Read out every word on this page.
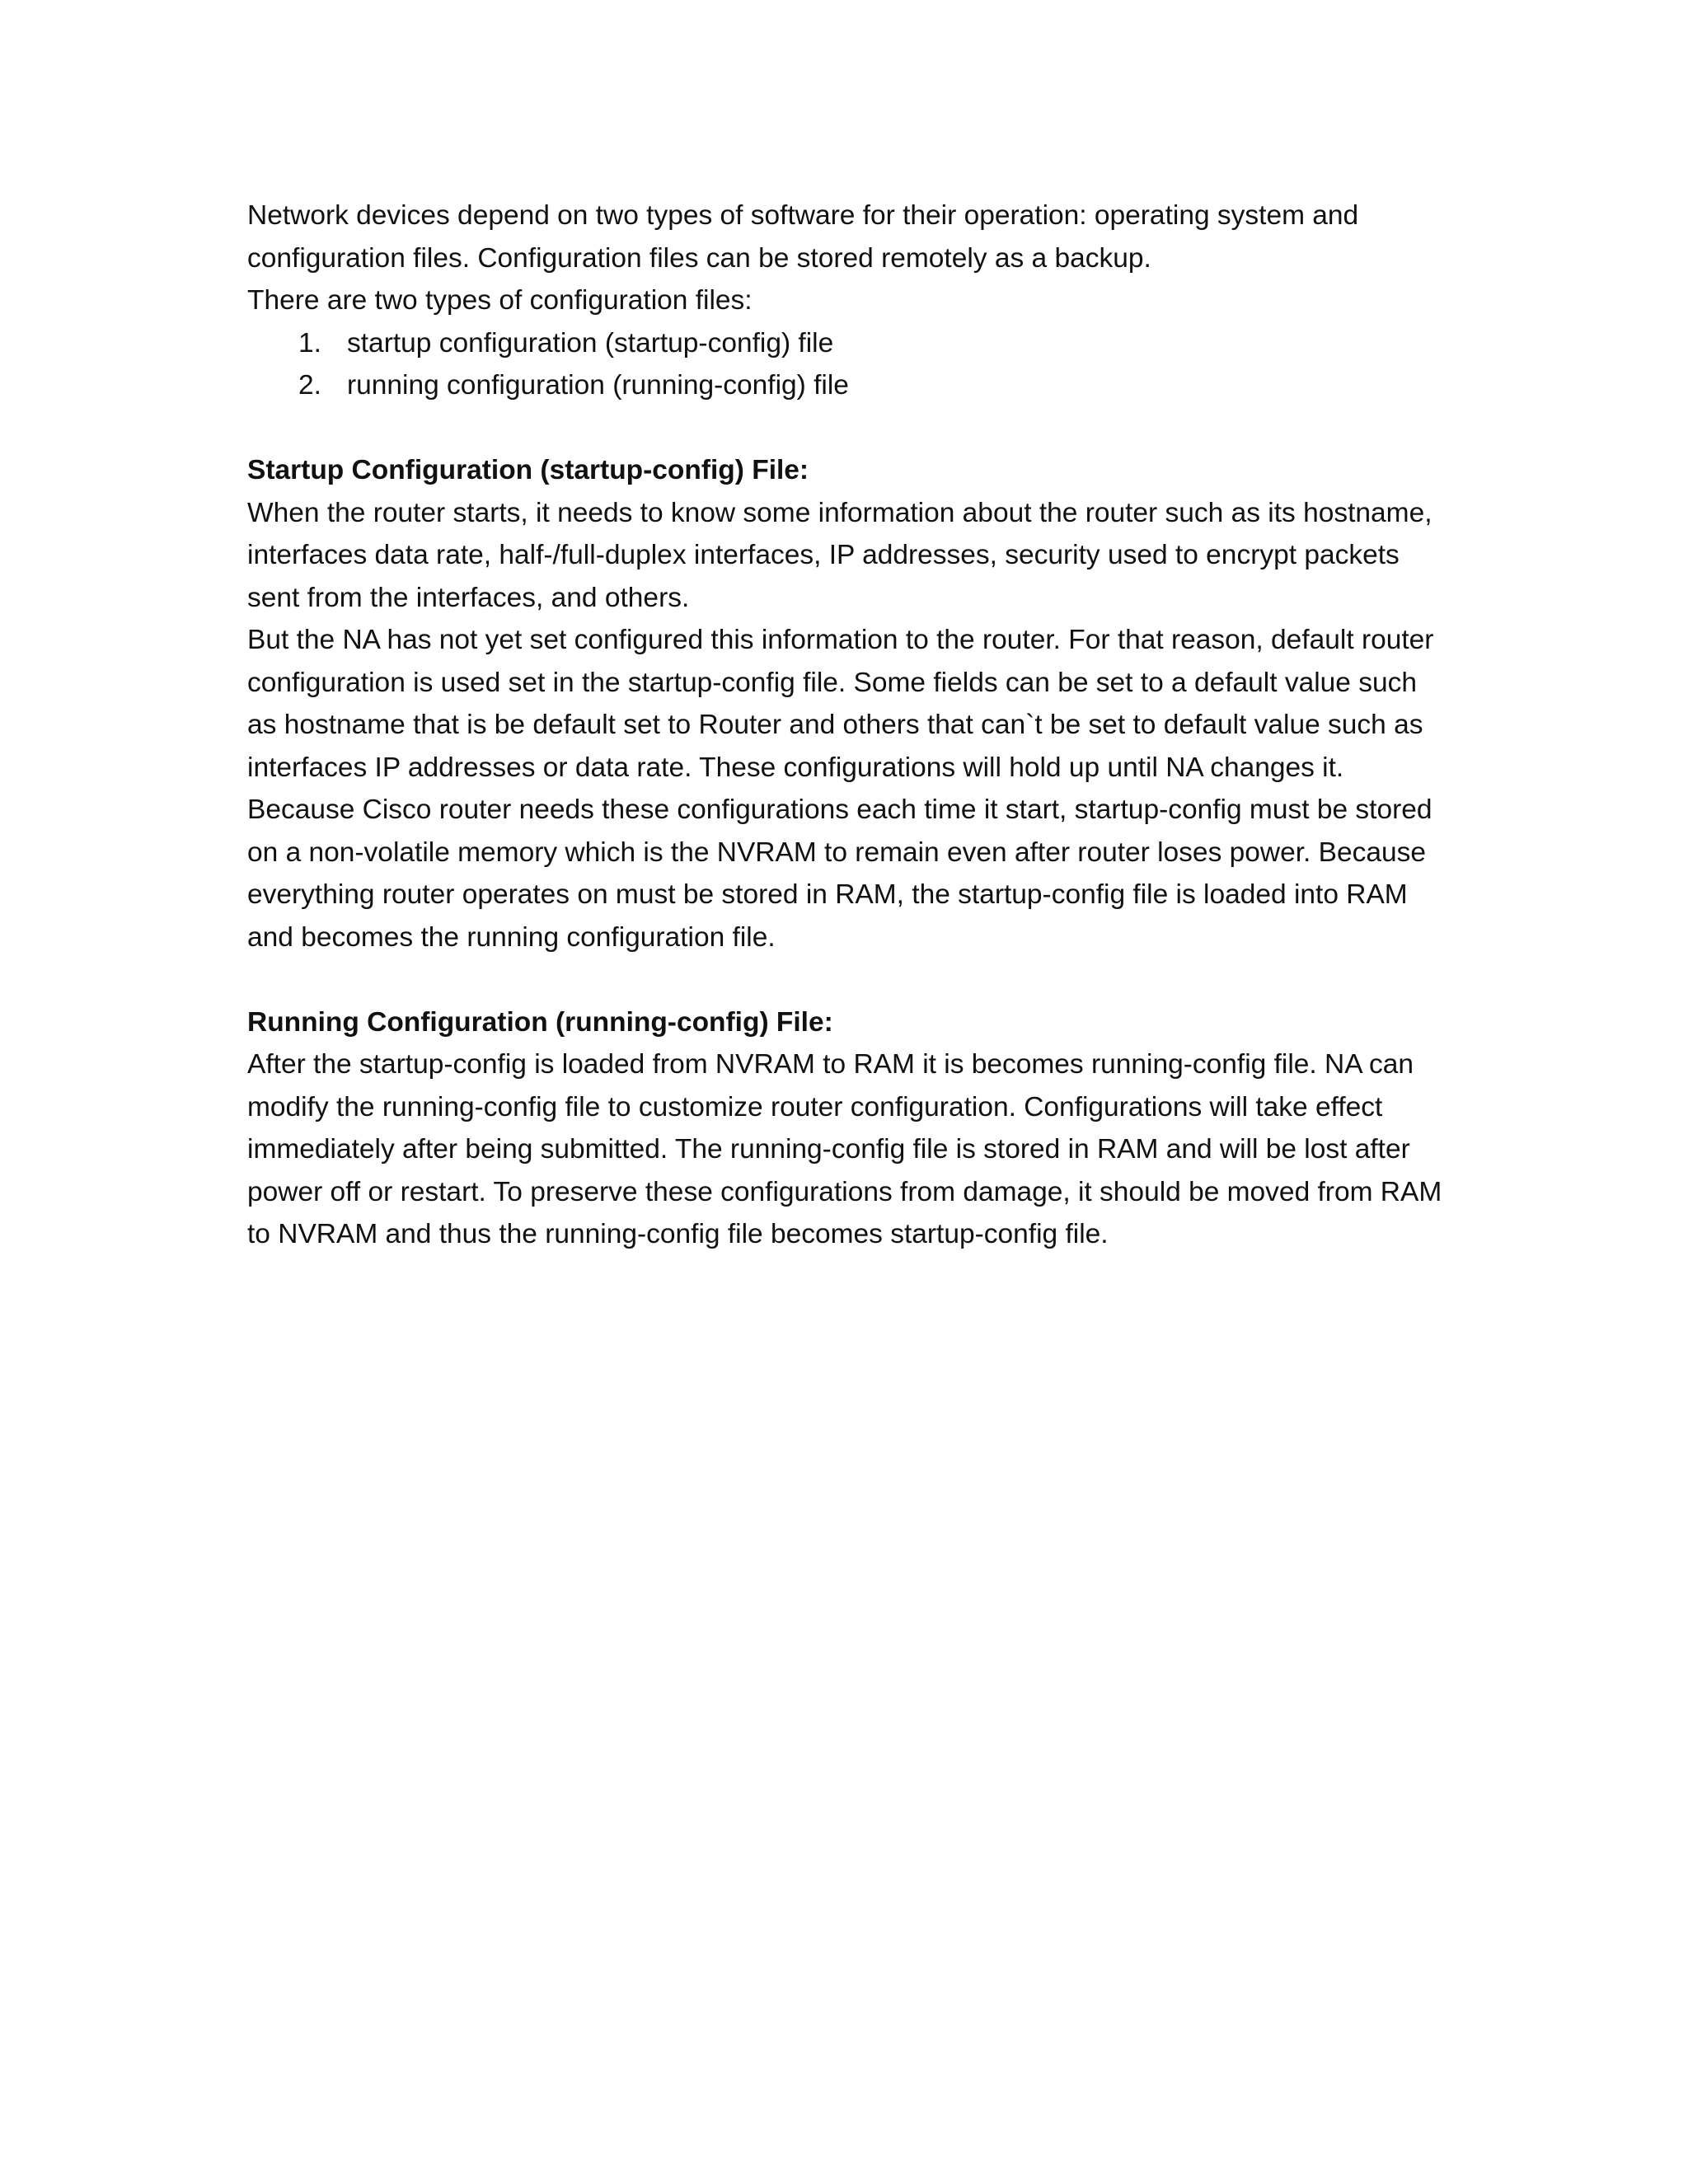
Network devices depend on two types of software for their operation: operating system and configuration files. Configuration files can be stored remotely as a backup.

There are two types of configuration files:

1. startup configuration (startup-config) file
2. running configuration (running-config) file

Startup Configuration (startup-config) File:

When the router starts, it needs to know some information about the router such as its hostname, interfaces data rate, half-/full-duplex interfaces, IP addresses, security used to encrypt packets sent from the interfaces, and others.

But the NA has not yet set configured this information to the router. For that reason, default router configuration is used set in the startup-config file. Some fields can be set to a default value such as hostname that is be default set to Router and others that can`t be set to default value such as interfaces IP addresses or data rate. These configurations will hold up until NA changes it.

Because Cisco router needs these configurations each time it start, startup-config must be stored on a non-volatile memory which is the NVRAM to remain even after router loses power. Because everything router operates on must be stored in RAM, the startup-config file is loaded into RAM and becomes the running configuration file.

Running Configuration (running-config) File:

After the startup-config is loaded from NVRAM to RAM it is becomes running-config file. NA can modify the running-config file to customize router configuration. Configurations will take effect immediately after being submitted. The running-config file is stored in RAM and will be lost after power off or restart. To preserve these configurations from damage, it should be moved from RAM to NVRAM and thus the running-config file becomes startup-config file.
